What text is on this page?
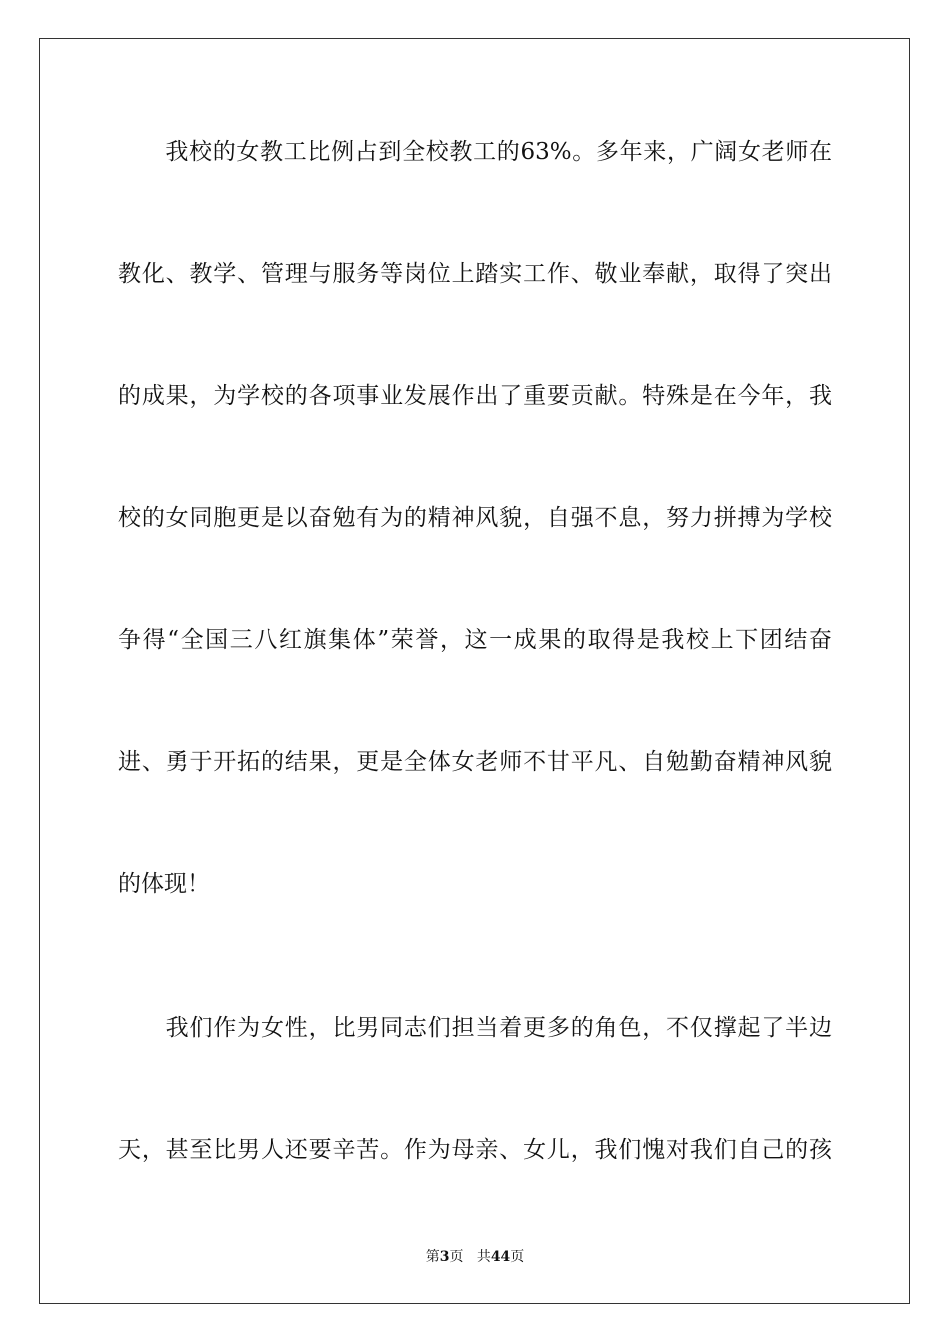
　　我校的女教工比例占到全校教工的63%。多年来，广阔女老师在
教化、教学、管理与服务等岗位上踏实工作、敬业奉献，取得了突出
的成果，为学校的各项事业发展作出了重要贡献。特殊是在今年，我
校的女同胞更是以奋勉有为的精神风貌，自强不息，努力拼搏为学校
争得“全国三八红旗集体”荣誉，这一成果的取得是我校上下团结奋
进、勇于开拓的结果，更是全体女老师不甘平凡、自勉勤奋精神风貌
的体现！
　　我们作为女性，比男同志们担当着更多的角色，不仅撑起了半边
天，甚至比男人还要辛苦。作为母亲、女儿，我们愧对我们自己的孩
第3页 共44页
